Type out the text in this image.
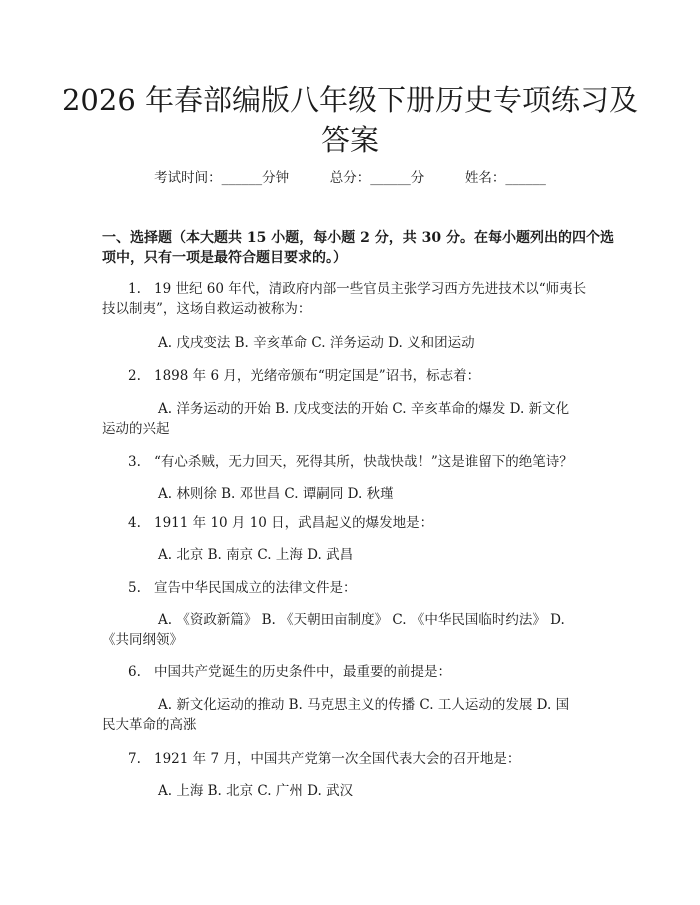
2026 年春部编版八年级下册历史专项练习及
答案
考试时间：______分钟	总分：______分	姓名：______
一、选择题（本大题共 15 小题，每小题 2 分，共 30 分。在每小题列出的四个选
项中，只有一项是最符合题目要求的。）
1. 19 世纪 60 年代，清政府内部一些官员主张学习西方先进技术以“师夷长
技以制夷”，这场自救运动被称为：
A. 戊戌变法 B. 辛亥革命 C. 洋务运动 D. 义和团运动
2. 1898 年 6 月，光绪帝颁布“明定国是”诏书，标志着：
A. 洋务运动的开始 B. 戊戌变法的开始 C. 辛亥革命的爆发 D. 新文化
运动的兴起
3. “有心杀贼，无力回天，死得其所，快哉快哉！”这是谁留下的绝笔诗？
A. 林则徐 B. 邓世昌 C. 谭嗣同 D. 秋瑾
4. 1911 年 10 月 10 日，武昌起义的爆发地是：
A. 北京 B. 南京 C. 上海 D. 武昌
5. 宣告中华民国成立的法律文件是：
A. 《资政新篇》 B. 《天朝田亩制度》 C. 《中华民国临时约法》 D.
《共同纲领》
6. 中国共产党诞生的历史条件中，最重要的前提是：
A. 新文化运动的推动 B. 马克思主义的传播 C. 工人运动的发展 D. 国
民大革命的高涨
7. 1921 年 7 月，中国共产党第一次全国代表大会的召开地是：
A. 上海 B. 北京 C. 广州 D. 武汉
